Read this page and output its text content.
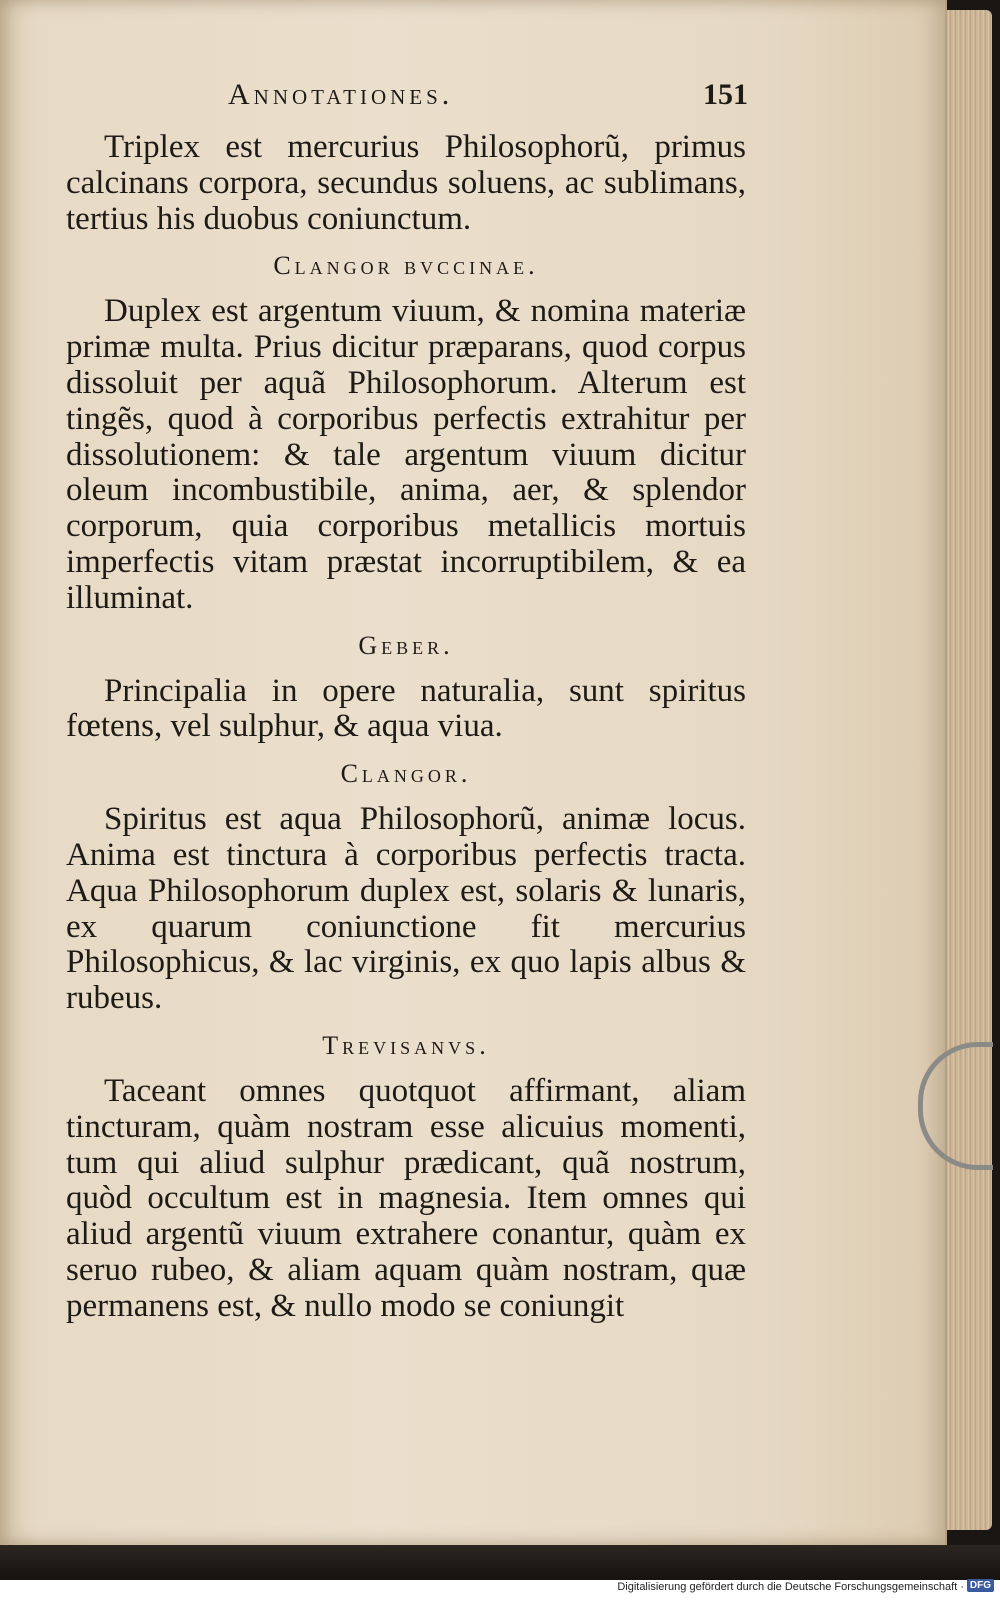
Annotationes.	151

Triplex est mercurius Philosophorũ, primus calcinans corpora, secundus soluens, ac sublimans, tertius his duobus coniunctum.

Clangor bvccinae.

Duplex est argentum viuum, & nomina materiæ primæ multa. Prius dicitur præparans, quod corpus dissoluit per aquã Philosophorum. Alterum est tingẽs, quod à corporibus perfectis extrahitur per dissolutionem: & tale argentum viuum dicitur oleum incombustibile, anima, aer, & splendor corporum, quia corporibus metallicis mortuis imperfectis vitam præstat incorruptibilem, & ea illuminat.

Geber.

Principalia in opere naturalia, sunt spiritus fœtens, vel sulphur, & aqua viua.

Clangor.

Spiritus est aqua Philosophorũ, animæ locus. Anima est tinctura à corporibus perfectis tracta. Aqua Philosophorum duplex est, solaris & lunaris, ex quarum coniunctione fit mercurius Philosophicus, & lac virginis, ex quo lapis albus & rubeus.

Trevisanvs.

Taceant omnes quotquot affirmant, aliam tincturam, quàm nostram esse alicuius momenti, tum qui aliud sulphur prædicant, quã nostrum, quòd occultum est in magnesia. Item omnes qui aliud argentũ viuum extrahere conantur, quàm ex seruo rubeo, & aliam aquam quàm nostram, quæ permanens est, & nullo modo se coniungit

Digitalisierung gefördert durch die Deutsche Forschungsgemeinschaft · DFG
